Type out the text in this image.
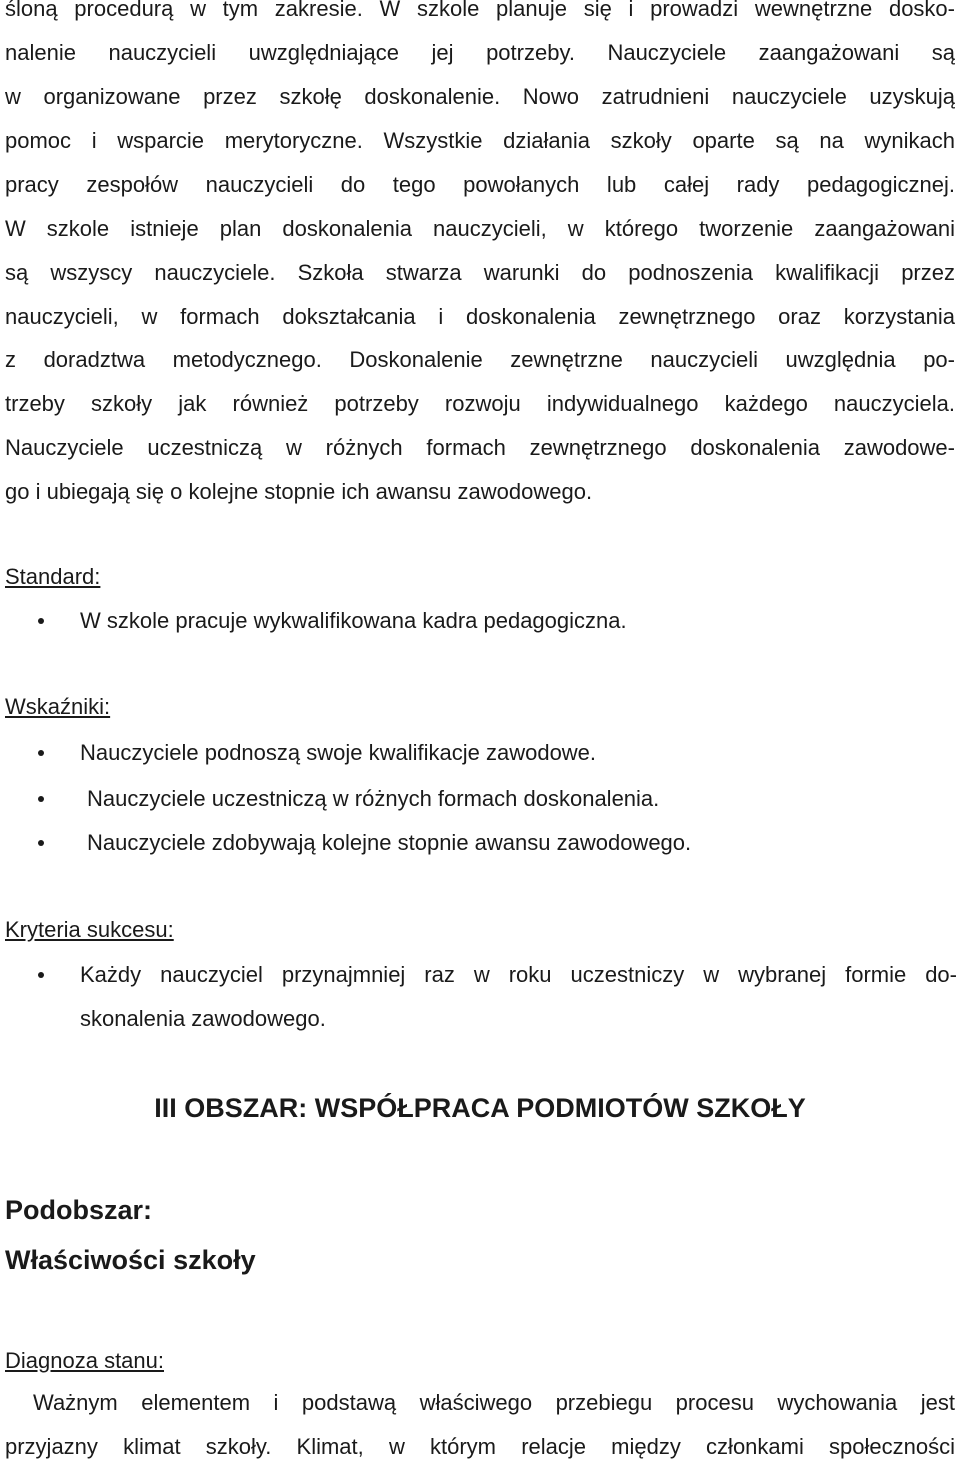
ślоną procedurą w tym zakresie. W szkole planuje się i prowadzi wewnętrzne dosko-
nalenie nauczycieli uwzględniające jej potrzeby. Nauczyciele zaangażowani są
w organizowane przez szkołę doskonalenie. Nowo zatrudnieni nauczyciele uzyskują
pomoc i wsparcie merytoryczne. Wszystkie działania szkoły oparte są na wynikach
pracy zespołów nauczycieli do tego powołanych lub całej rady pedagogicznej.
W szkole istnieje plan doskonalenia nauczycieli, w którego tworzenie zaangażowani
są wszyscy nauczyciele. Szkoła stwarza warunki do podnoszenia kwalifikacji przez
nauczycieli, w formach dokształcania i doskonalenia zewnętrznego oraz korzystania
z doradztwa metodycznego. Doskonalenie zewnętrzne nauczycieli uwzględnia po-
trzeby szkoły jak również potrzeby rozwoju indywidualnego każdego nauczyciela.
Nauczyciele uczestniczą w różnych formach zewnętrznego doskonalenia zawodowe-
go i ubiegają się o kolejne stopnie ich awansu zawodowego.
Standard:
W szkole pracuje wykwalifikowana kadra pedagogiczna.
Wskaźniki:
Nauczyciele podnoszą swoje kwalifikacje zawodowe.
Nauczyciele uczestniczą w różnych formach doskonalenia.
Nauczyciele zdobywają kolejne stopnie awansu zawodowego.
Kryteria sukcesu:
Każdy nauczyciel przynajmniej raz w roku uczestniczy w wybranej formie do-
skonalenia zawodowego.
III OBSZAR: WSPÓŁPRACA PODMIOTÓW SZKOŁY
Podobszar:
Właściwości szkoły
Diagnoza stanu:
Ważnym elementem i podstawą właściwego przebiegu procesu wychowania jest
przyjazny klimat szkoły. Klimat, w którym relacje między członkami społeczności
